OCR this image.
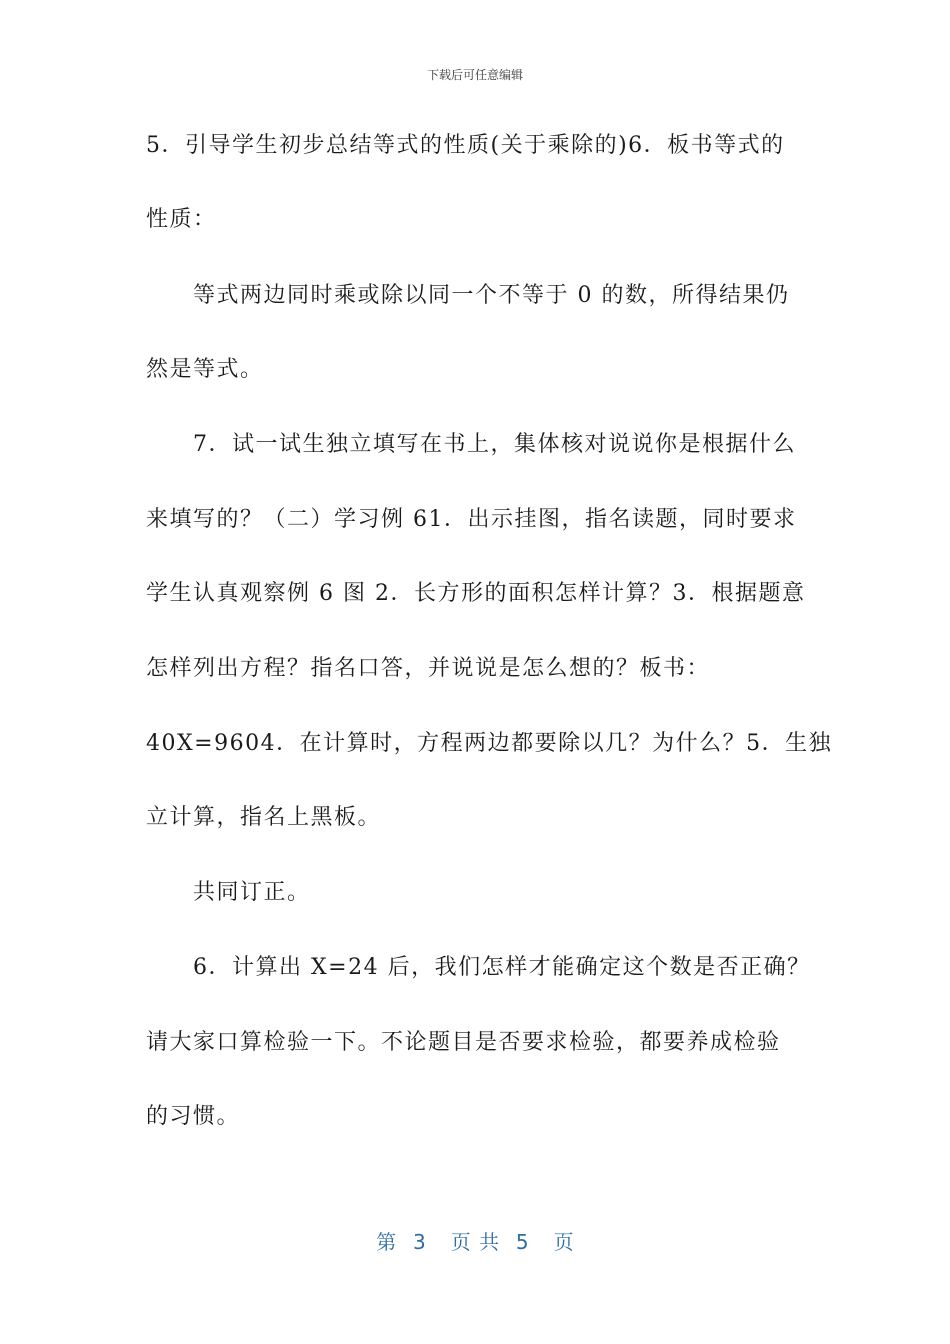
下载后可任意编辑
5．引导学生初步总结等式的性质(关于乘除的)6．板书等式的
性质：
等式两边同时乘或除以同一个不等于 0 的数，所得结果仍
然是等式。
7．试一试生独立填写在书上，集体核对说说你是根据什么
来填写的？（二）学习例 61．出示挂图，指名读题，同时要求
学生认真观察例 6 图 2．长方形的面积怎样计算？3．根据题意
怎样列出方程？指名口答，并说说是怎么想的？板书：
40X=9604．在计算时，方程两边都要除以几？为什么？5．生独
立计算，指名上黑板。
共同订正。
6．计算出 X=24 后，我们怎样才能确定这个数是否正确？
请大家口算检验一下。不论题目是否要求检验，都要养成检验
的习惯。
第  3   页 共  5   页
